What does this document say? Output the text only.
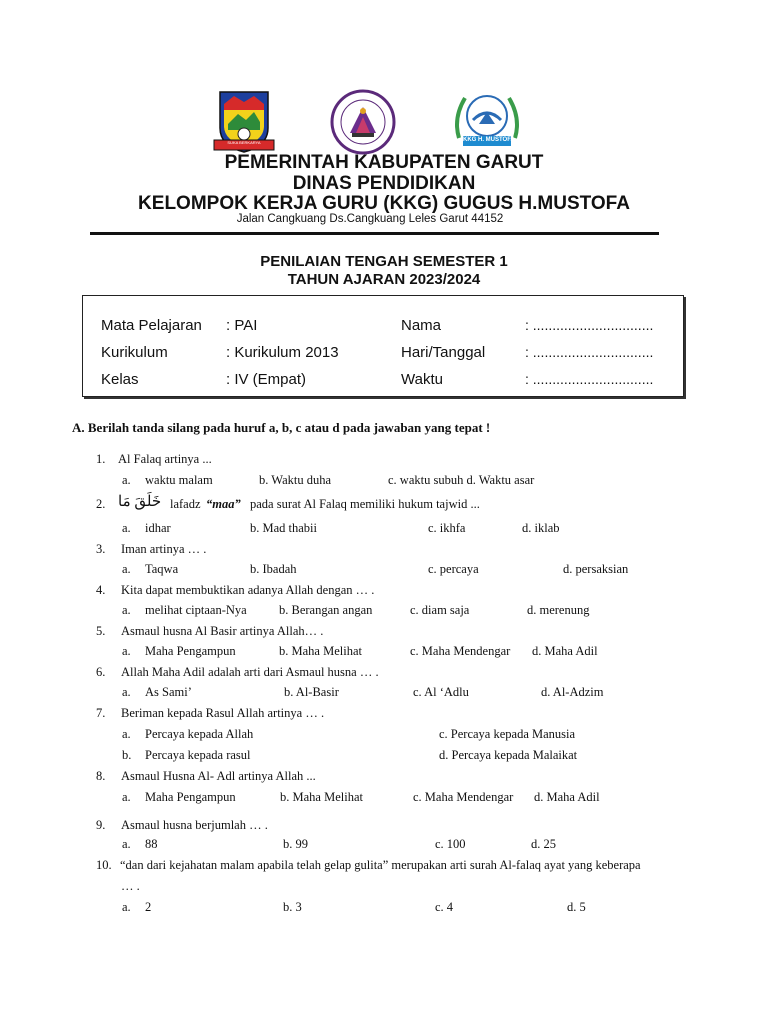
SUKA BERKARYA	KKG H. MUSTOFA
PEMERINTAH KABUPATEN GARUT
DINAS PENDIDIKAN
KELOMPOK KERJA GURU (KKG) GUGUS H.MUSTOFA
Jalan Cangkuang Ds.Cangkuang Leles Garut 44152
PENILAIAN TENGAH SEMESTER 1
TAHUN AJARAN 2023/2024
Mata Pelajaran : PAI
Kurikulum	: Kurikulum 2013
Kelas	: IV (Empat)
Nama	: ...............................
Hari/Tanggal	: ...............................
Waktu	: ...............................
A. Berilah tanda silang pada huruf a, b, c atau d pada jawaban yang tepat !
1. Al Falaq artinya ...
a. waktu malam	b. Waktu duha	c. waktu subuh d. Waktu asar
2. خَلَقَ مَا lafadz “maa” pada surat Al Falaq memiliki hukum tajwid ...
a. idhar	b. Mad thabii	c. ikhfa	d. iklab
3. Iman artinya … .
a. Taqwa	b. Ibadah	c. percaya	d. persaksian
4. Kita dapat membuktikan adanya Allah dengan … .
a. melihat ciptaan-Nya	b. Berangan angan	c. diam saja	d. merenung
5. Asmaul husna Al Basir artinya Allah… .
a. Maha Pengampun	b. Maha Melihat	c. Maha Mendengar d. Maha Adil
6. Allah Maha Adil adalah arti dari Asmaul husna … .
a. As Sami’	b. Al-Basir	c. Al ‘Adlu	d. Al-Adzim
7. Beriman kepada Rasul Allah artinya … .
a. Percaya kepada Allah	c. Percaya kepada Manusia
b. Percaya kepada rasul	d. Percaya kepada Malaikat
8. Asmaul Husna Al- Adl artinya Allah ...
a. Maha Pengampun	b. Maha Melihat	c. Maha Mendengar d. Maha Adil
9. Asmaul husna berjumlah … .
a. 88	b. 99	c. 100	d. 25
10. “dan dari kejahatan malam apabila telah gelap gulita” merupakan arti surah Al-falaq ayat yang keberapa
… .
a. 2	b. 3	c. 4	d. 5
